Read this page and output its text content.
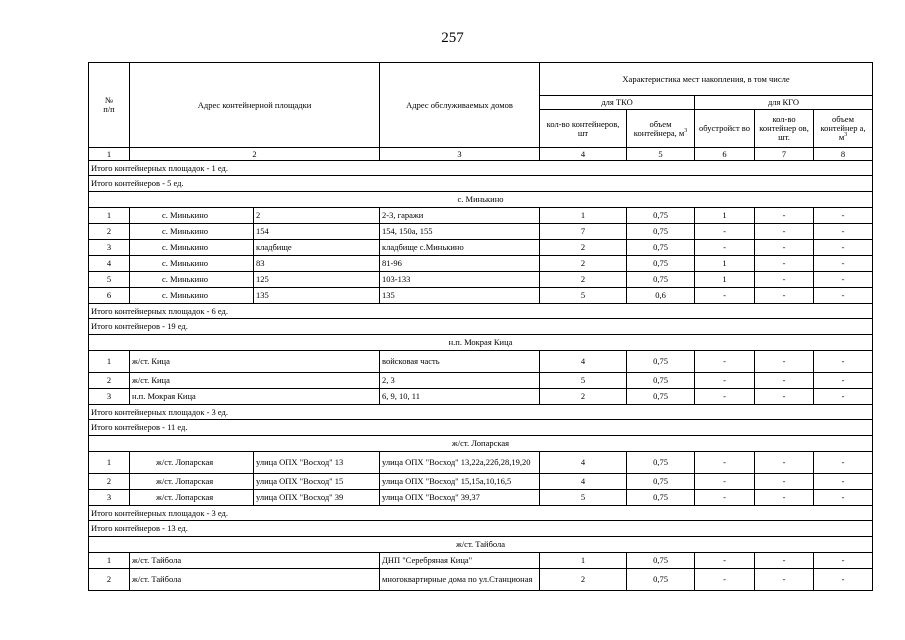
257
№
п/п	Адрес контейнерной площадки		Адрес обслуживаемых домов	Характеристика мест накопления, в том числе				
				для ТКО		для КГО		
				кол-во контейнеров, шт	объем контейнера, $м^3$	обустройст во	кол-во контейнер ов, шт.	объем контейнер а, $м^3$
1	2		3	4	5	6	7	8
Итого контейнерных площадок - 1 ед.								
Итого контейнеров - 5 ед.								
с. Минькино								
1	с. Минькино	2	2-3, гаражи	1	0,75	1	-	-
2	с. Минькино	154	154, 150а, 155	7	0,75	-	-	-
3	с. Минькино	кладбище	кладбище с.Минькино	2	0,75	-	-	-
4	с. Минькино	83	81-96	2	0,75	1	-	-
5	с. Минькино	125	103-133	2	0,75	1	-	-
6	с. Минькино	135	135	5	0,6	-	-	-
Итого контейнерных площадок - 6 ед.								
Итого контейнеров - 19 ед.								
н.п. Мокрая Кица								
1	ж/ст. Кица		войсковая часть	4	0,75	-	-	-
2	ж/ст. Кица		2, 3	5	0,75	-	-	-
3	н.п. Мокрая Кица		6, 9, 10, 11	2	0,75	-	-	-
Итого контейнерных площадок - 3 ед.								
Итого контейнеров - 11 ед.								
ж/ст. Лопарская								
1	ж/ст. Лопарская	улица ОПХ "Восход" 13	улица ОПХ "Восход" 13,22а,22б,28,19,20	4	0,75	-	-	-
2	ж/ст. Лопарская	улица ОПХ "Восход" 15	улица ОПХ "Восход" 15,15а,10,16,5	4	0,75	-	-	-
3	ж/ст. Лопарская	улица ОПХ "Восход" 39	улица ОПХ "Восход" 39,37	5	0,75	-	-	-
Итого контейнерных площадок - 3 ед.								
Итого контейнеров - 13 ед.								
ж/ст. Тайбола								
1	ж/ст. Тайбола		ДНП "Серебряная Кица"	1	0,75	-	-	-
2	ж/ст. Тайбола		многоквартирные дома по ул.Станционая	2	0,75	-	-	-
